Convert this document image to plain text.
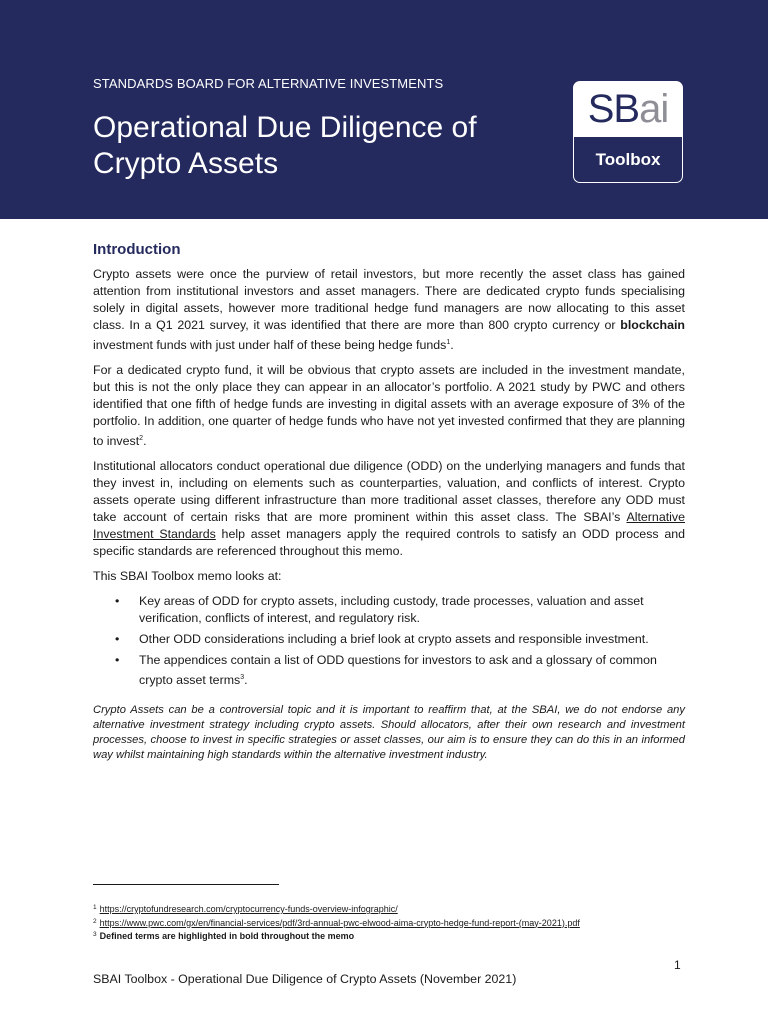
STANDARDS BOARD FOR ALTERNATIVE INVESTMENTS
Operational Due Diligence of
Crypto Assets
SBai
Toolbox
Introduction

Crypto assets were once the purview of retail investors, but more recently the asset class has gained attention from institutional investors and asset managers. There are dedicated crypto funds specialising solely in digital assets, however more traditional hedge fund managers are now allocating to this asset class. In a Q1 2021 survey, it was identified that there are more than 800 crypto currency or blockchain investment funds with just under half of these being hedge funds$^1$.

For a dedicated crypto fund, it will be obvious that crypto assets are included in the investment mandate, but this is not the only place they can appear in an allocator’s portfolio. A 2021 study by PWC and others identified that one fifth of hedge funds are investing in digital assets with an average exposure of 3% of the portfolio. In addition, one quarter of hedge funds who have not yet invested confirmed that they are planning to invest$^2$.

Institutional allocators conduct operational due diligence (ODD) on the underlying managers and funds that they invest in, including on elements such as counterparties, valuation, and conflicts of interest. Crypto assets operate using different infrastructure than more traditional asset classes, therefore any ODD must take account of certain risks that are more prominent within this asset class. The SBAI’s Alternative Investment Standards help asset managers apply the required controls to satisfy an ODD process and specific standards are referenced throughout this memo.

This SBAI Toolbox memo looks at:

• Key areas of ODD for crypto assets, including custody, trade processes, valuation and asset verification, conflicts of interest, and regulatory risk.
• Other ODD considerations including a brief look at crypto assets and responsible investment.
• The appendices contain a list of ODD questions for investors to ask and a glossary of common crypto asset terms$^3$.

Crypto Assets can be a controversial topic and it is important to reaffirm that, at the SBAI, we do not endorse any alternative investment strategy including crypto assets. Should allocators, after their own research and investment processes, choose to invest in specific strategies or asset classes, our aim is to ensure they can do this in an informed way whilst maintaining high standards within the alternative investment industry.

$^1$ https://cryptofundresearch.com/cryptocurrency-funds-overview-infographic/
$^2$ https://www.pwc.com/gx/en/financial-services/pdf/3rd-annual-pwc-elwood-aima-crypto-hedge-fund-report-(may-2021).pdf
$^3$ Defined terms are highlighted in bold throughout the memo
1
SBAI Toolbox - Operational Due Diligence of Crypto Assets (November 2021)
